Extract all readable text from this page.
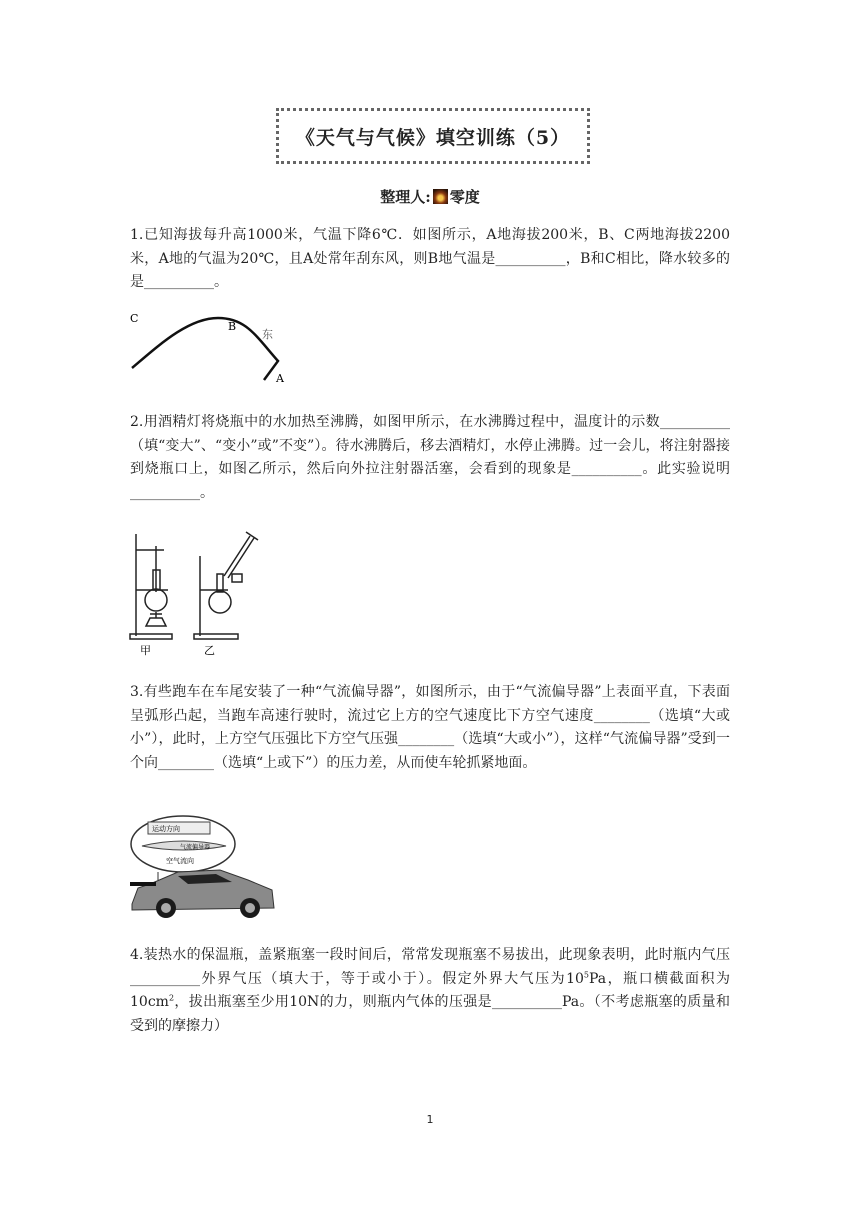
《天气与气候》填空训练（5）
整理人: 零度
1.已知海拔每升高1000米，气温下降6℃．如图所示，A地海拔200米，B、C两地海拔2200米，A地的气温为20℃，且A处常年刮东风，则B地气温是__________，B和C相比，降水较多的是__________。
C
B
东
A
2.用酒精灯将烧瓶中的水加热至沸腾，如图甲所示，在水沸腾过程中，温度计的示数__________（填“变大”、“变小”或”不变”）。待水沸腾后，移去酒精灯，水停止沸腾。过一会儿，将注射器接到烧瓶口上，如图乙所示，然后向外拉注射器活塞，会看到的现象是__________。此实验说明__________。
甲	乙
3.有些跑车在车尾安装了一种“气流偏导器”，如图所示，由于“气流偏导器”上表面平直，下表面呈弧形凸起，当跑车高速行驶时，流过它上方的空气速度比下方空气速度________（选填“大或小”），此时，上方空气压强比下方空气压强________（选填“大或小”），这样“气流偏导器”受到一个向________（选填“上或下”）的压力差，从而使车轮抓紧地面。
运动方向
气流偏导器
空气流向
4.装热水的保温瓶，盖紧瓶塞一段时间后，常常发现瓶塞不易拔出，此现象表明，此时瓶内气压__________外界气压（填大于，等于或小于）。假定外界大气压为$10^5Pa$，瓶口横截面积为$10cm^2$，拔出瓶塞至少用10N的力，则瓶内气体的压强是__________Pa。（不考虑瓶塞的质量和受到的摩擦力）
1
